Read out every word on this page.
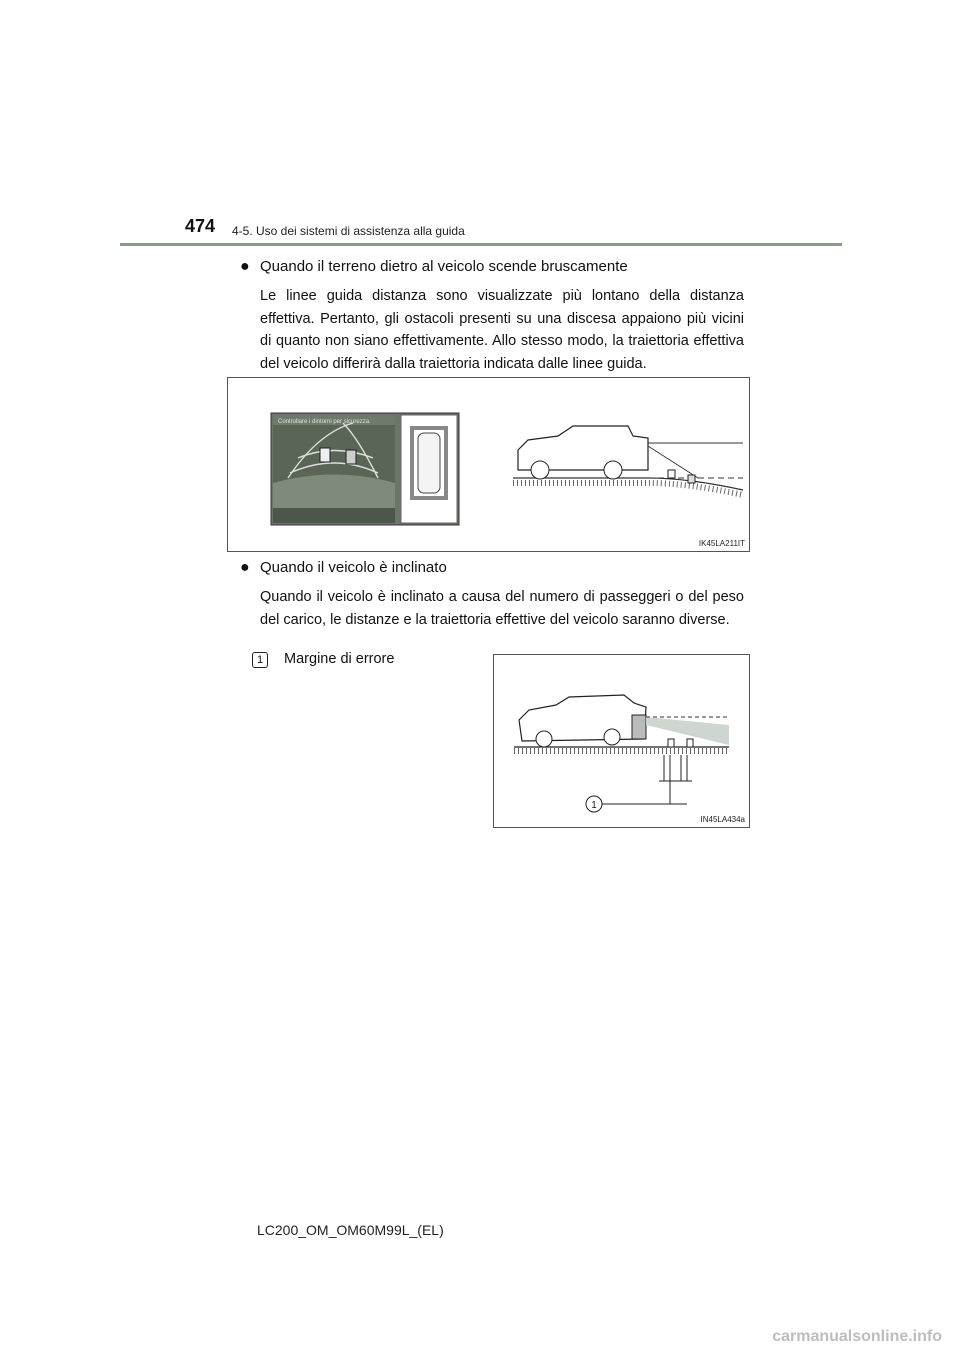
474 4-5. Uso dei sistemi di assistenza alla guida
● Quando il terreno dietro al veicolo scende bruscamente
Le linee guida distanza sono visualizzate più lontano della distanza effettiva. Pertanto, gli ostacoli presenti su una discesa appaiono più vicini di quanto non siano effettivamente. Allo stesso modo, la traiettoria effettiva del veicolo differirà dalla traiettoria indicata dalle linee guida.
Controllare i dintorni per sicurezza.
IK45LA211IT
● Quando il veicolo è inclinato
Quando il veicolo è inclinato a causa del numero di passeggeri o del peso del carico, le distanze e la traiettoria effettive del veicolo saranno diverse.
1 Margine di errore
1
IN45LA434a
LC200_OM_OM60M99L_(EL)
carmanualsonline.info
